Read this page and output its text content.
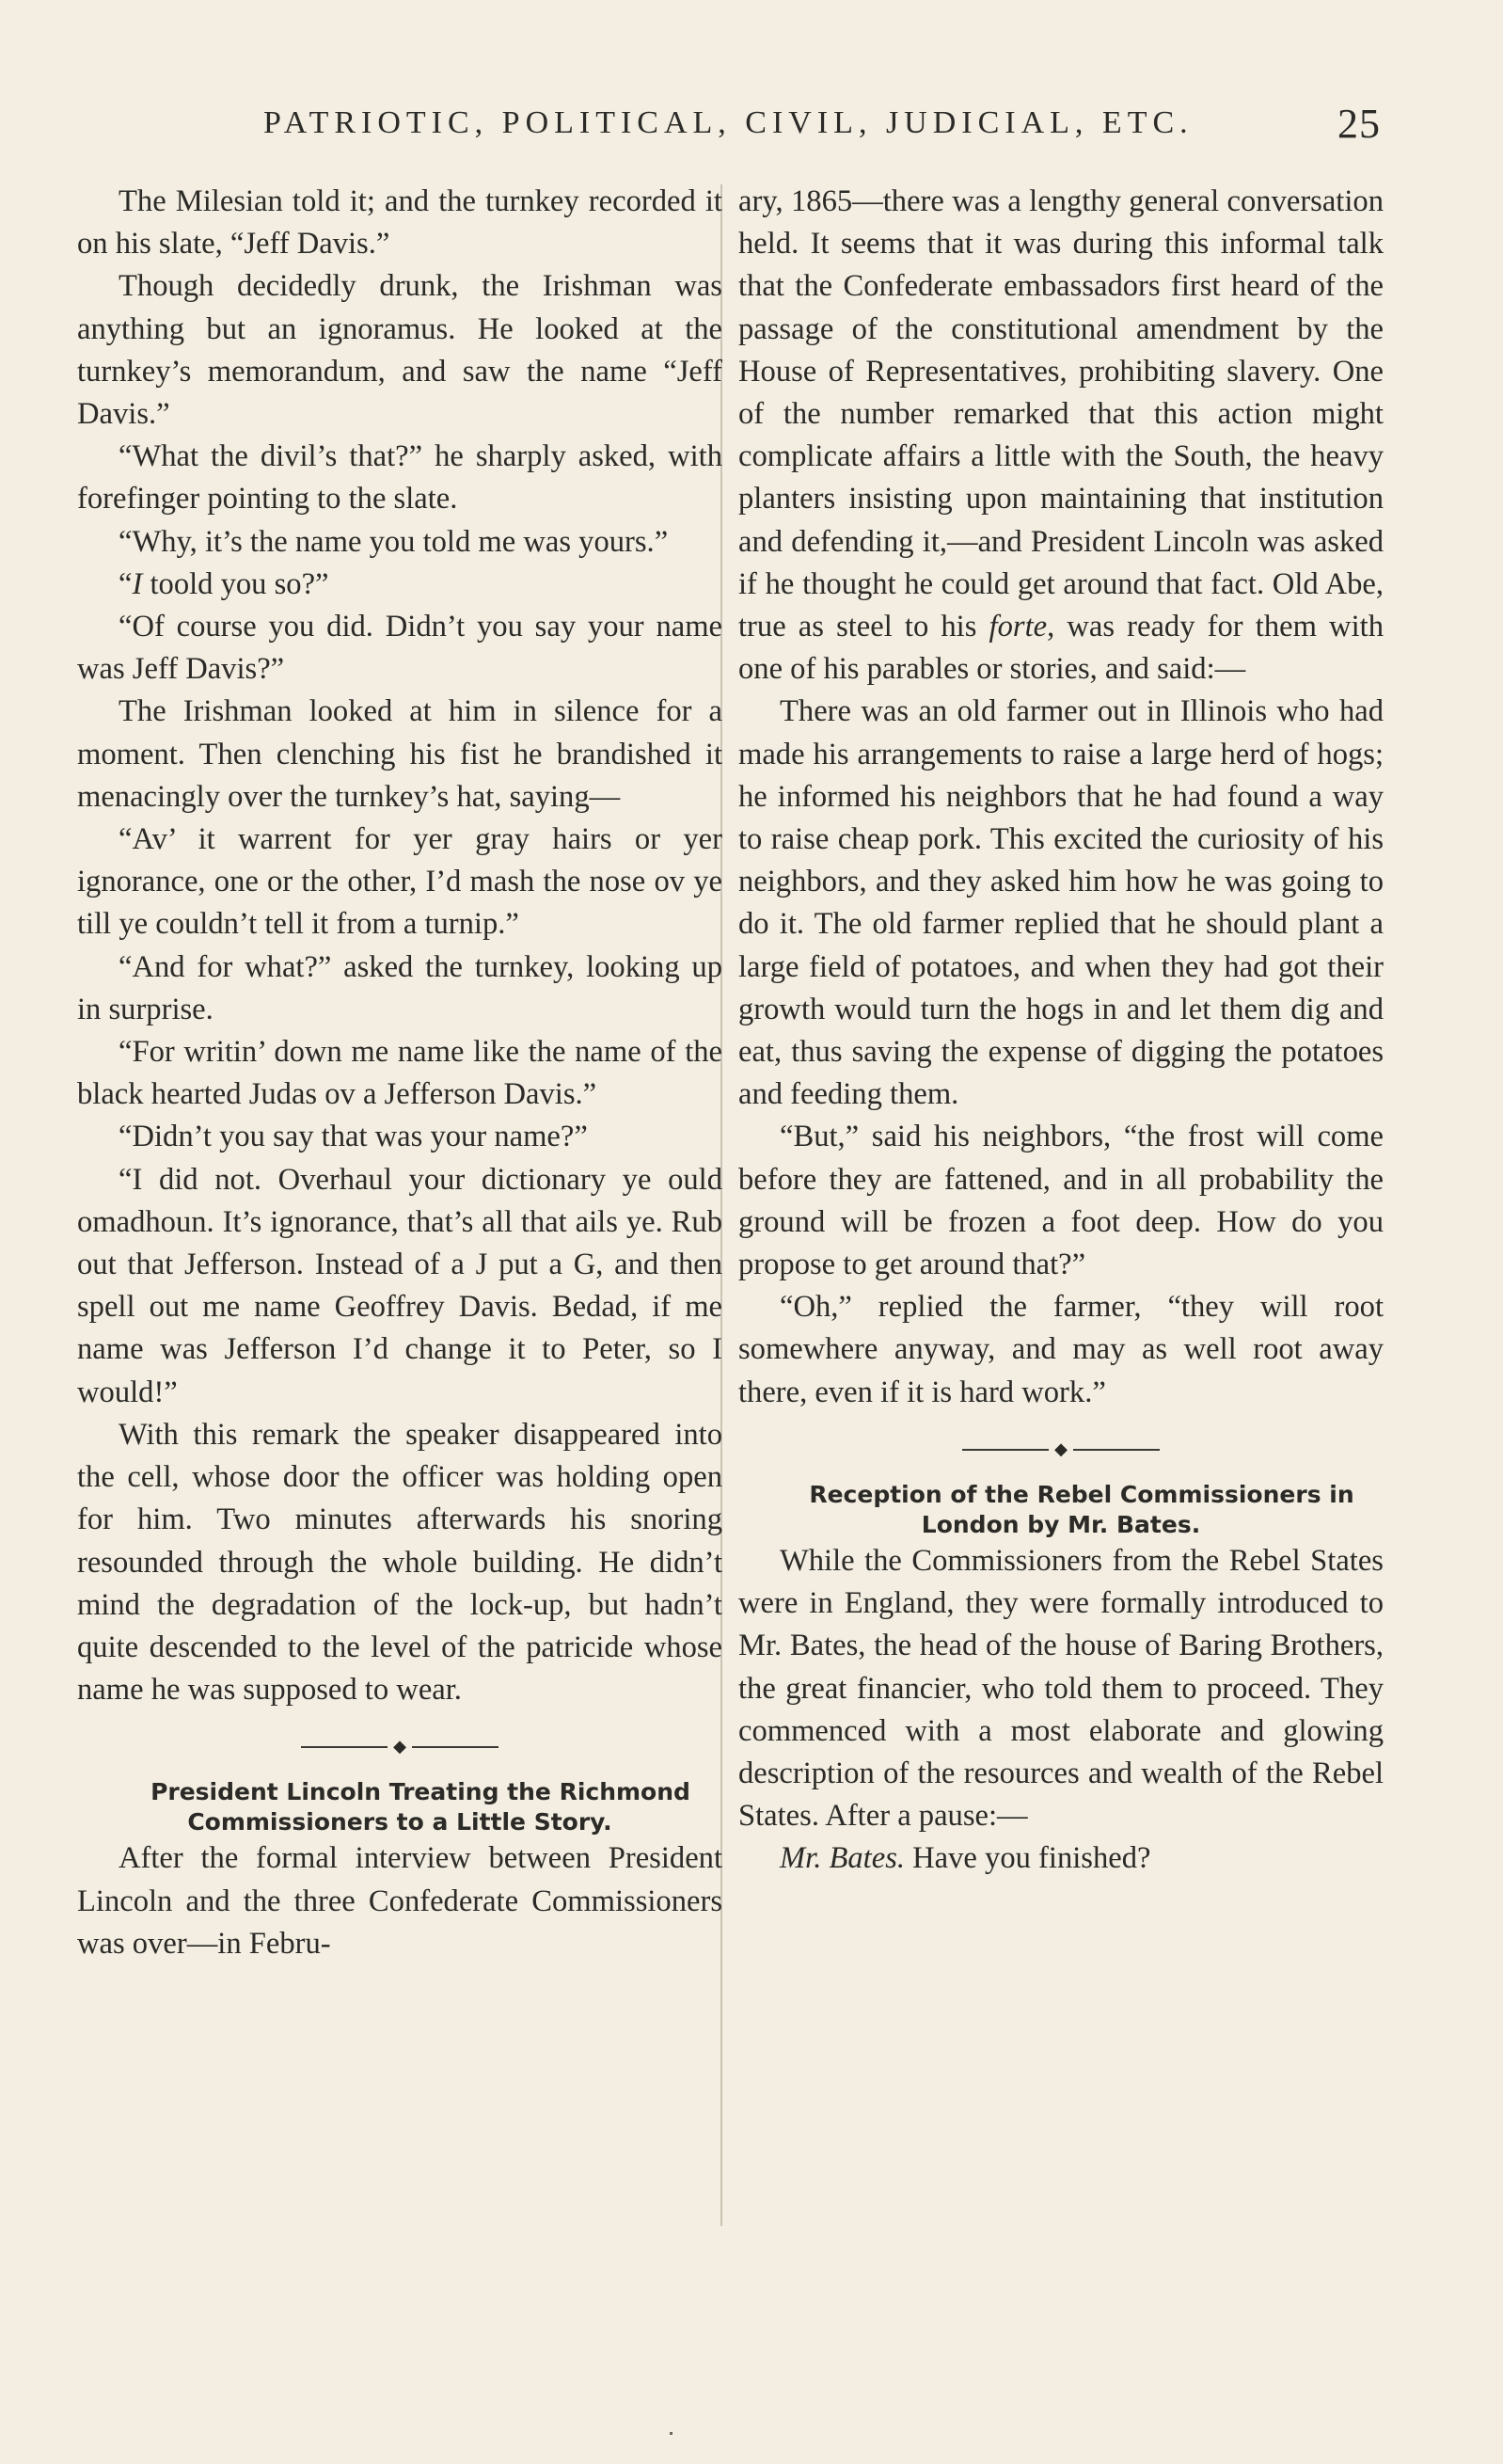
PATRIOTIC, POLITICAL, CIVIL, JUDICIAL, ETC.	25

The Milesian told it; and the turnkey recorded it on his slate, “Jeff Davis.”

Though decidedly drunk, the Irishman was anything but an ignoramus. He looked at the turnkey’s memorandum, and saw the name “Jeff Davis.”

“What the divil’s that?” he sharply asked, with forefinger pointing to the slate.

“Why, it’s the name you told me was yours.”

“I toold you so?”

“Of course you did. Didn’t you say your name was Jeff Davis?”

The Irishman looked at him in silence for a moment. Then clenching his fist he brandished it menacingly over the turnkey’s hat, saying—

“Av’ it warrent for yer gray hairs or yer ignorance, one or the other, I’d mash the nose ov ye till ye couldn’t tell it from a turnip.”

“And for what?” asked the turnkey, looking up in surprise.

“For writin’ down me name like the name of the black hearted Judas ov a Jefferson Davis.”

“Didn’t you say that was your name?”

“I did not. Overhaul your dictionary ye ould omadhoun. It’s ignorance, that’s all that ails ye. Rub out that Jefferson. Instead of a J put a G, and then spell out me name Geoffrey Davis. Bedad, if me name was Jefferson I’d change it to Peter, so I would!”

With this remark the speaker disappeared into the cell, whose door the officer was holding open for him. Two minutes afterwards his snoring resounded through the whole building. He didn’t mind the degradation of the lock-up, but hadn’t quite descended to the level of the patricide whose name he was supposed to wear.

◆

President Lincoln Treating the Richmond Commissioners to a Little Story.

After the formal interview between President Lincoln and the three Confederate Commissioners was over—in Febru-

ary, 1865—there was a lengthy general conversation held. It seems that it was during this informal talk that the Confederate embassadors first heard of the passage of the constitutional amendment by the House of Representatives, prohibiting slavery. One of the number remarked that this action might complicate affairs a little with the South, the heavy planters insisting upon maintaining that institution and defending it,—and President Lincoln was asked if he thought he could get around that fact. Old Abe, true as steel to his forte, was ready for them with one of his parables or stories, and said:—

There was an old farmer out in Illinois who had made his arrangements to raise a large herd of hogs; he informed his neighbors that he had found a way to raise cheap pork. This excited the curiosity of his neighbors, and they asked him how he was going to do it. The old farmer replied that he should plant a large field of potatoes, and when they had got their growth would turn the hogs in and let them dig and eat, thus saving the expense of digging the potatoes and feeding them.

“But,” said his neighbors, “the frost will come before they are fattened, and in all probability the ground will be frozen a foot deep. How do you propose to get around that?”

“Oh,” replied the farmer, “they will root somewhere anyway, and may as well root away there, even if it is hard work.”

◆

Reception of the Rebel Commissioners in London by Mr. Bates.

While the Commissioners from the Rebel States were in England, they were formally introduced to Mr. Bates, the head of the house of Baring Brothers, the great financier, who told them to proceed. They commenced with a most elaborate and glowing description of the resources and wealth of the Rebel States. After a pause:—

Mr. Bates. Have you finished?
